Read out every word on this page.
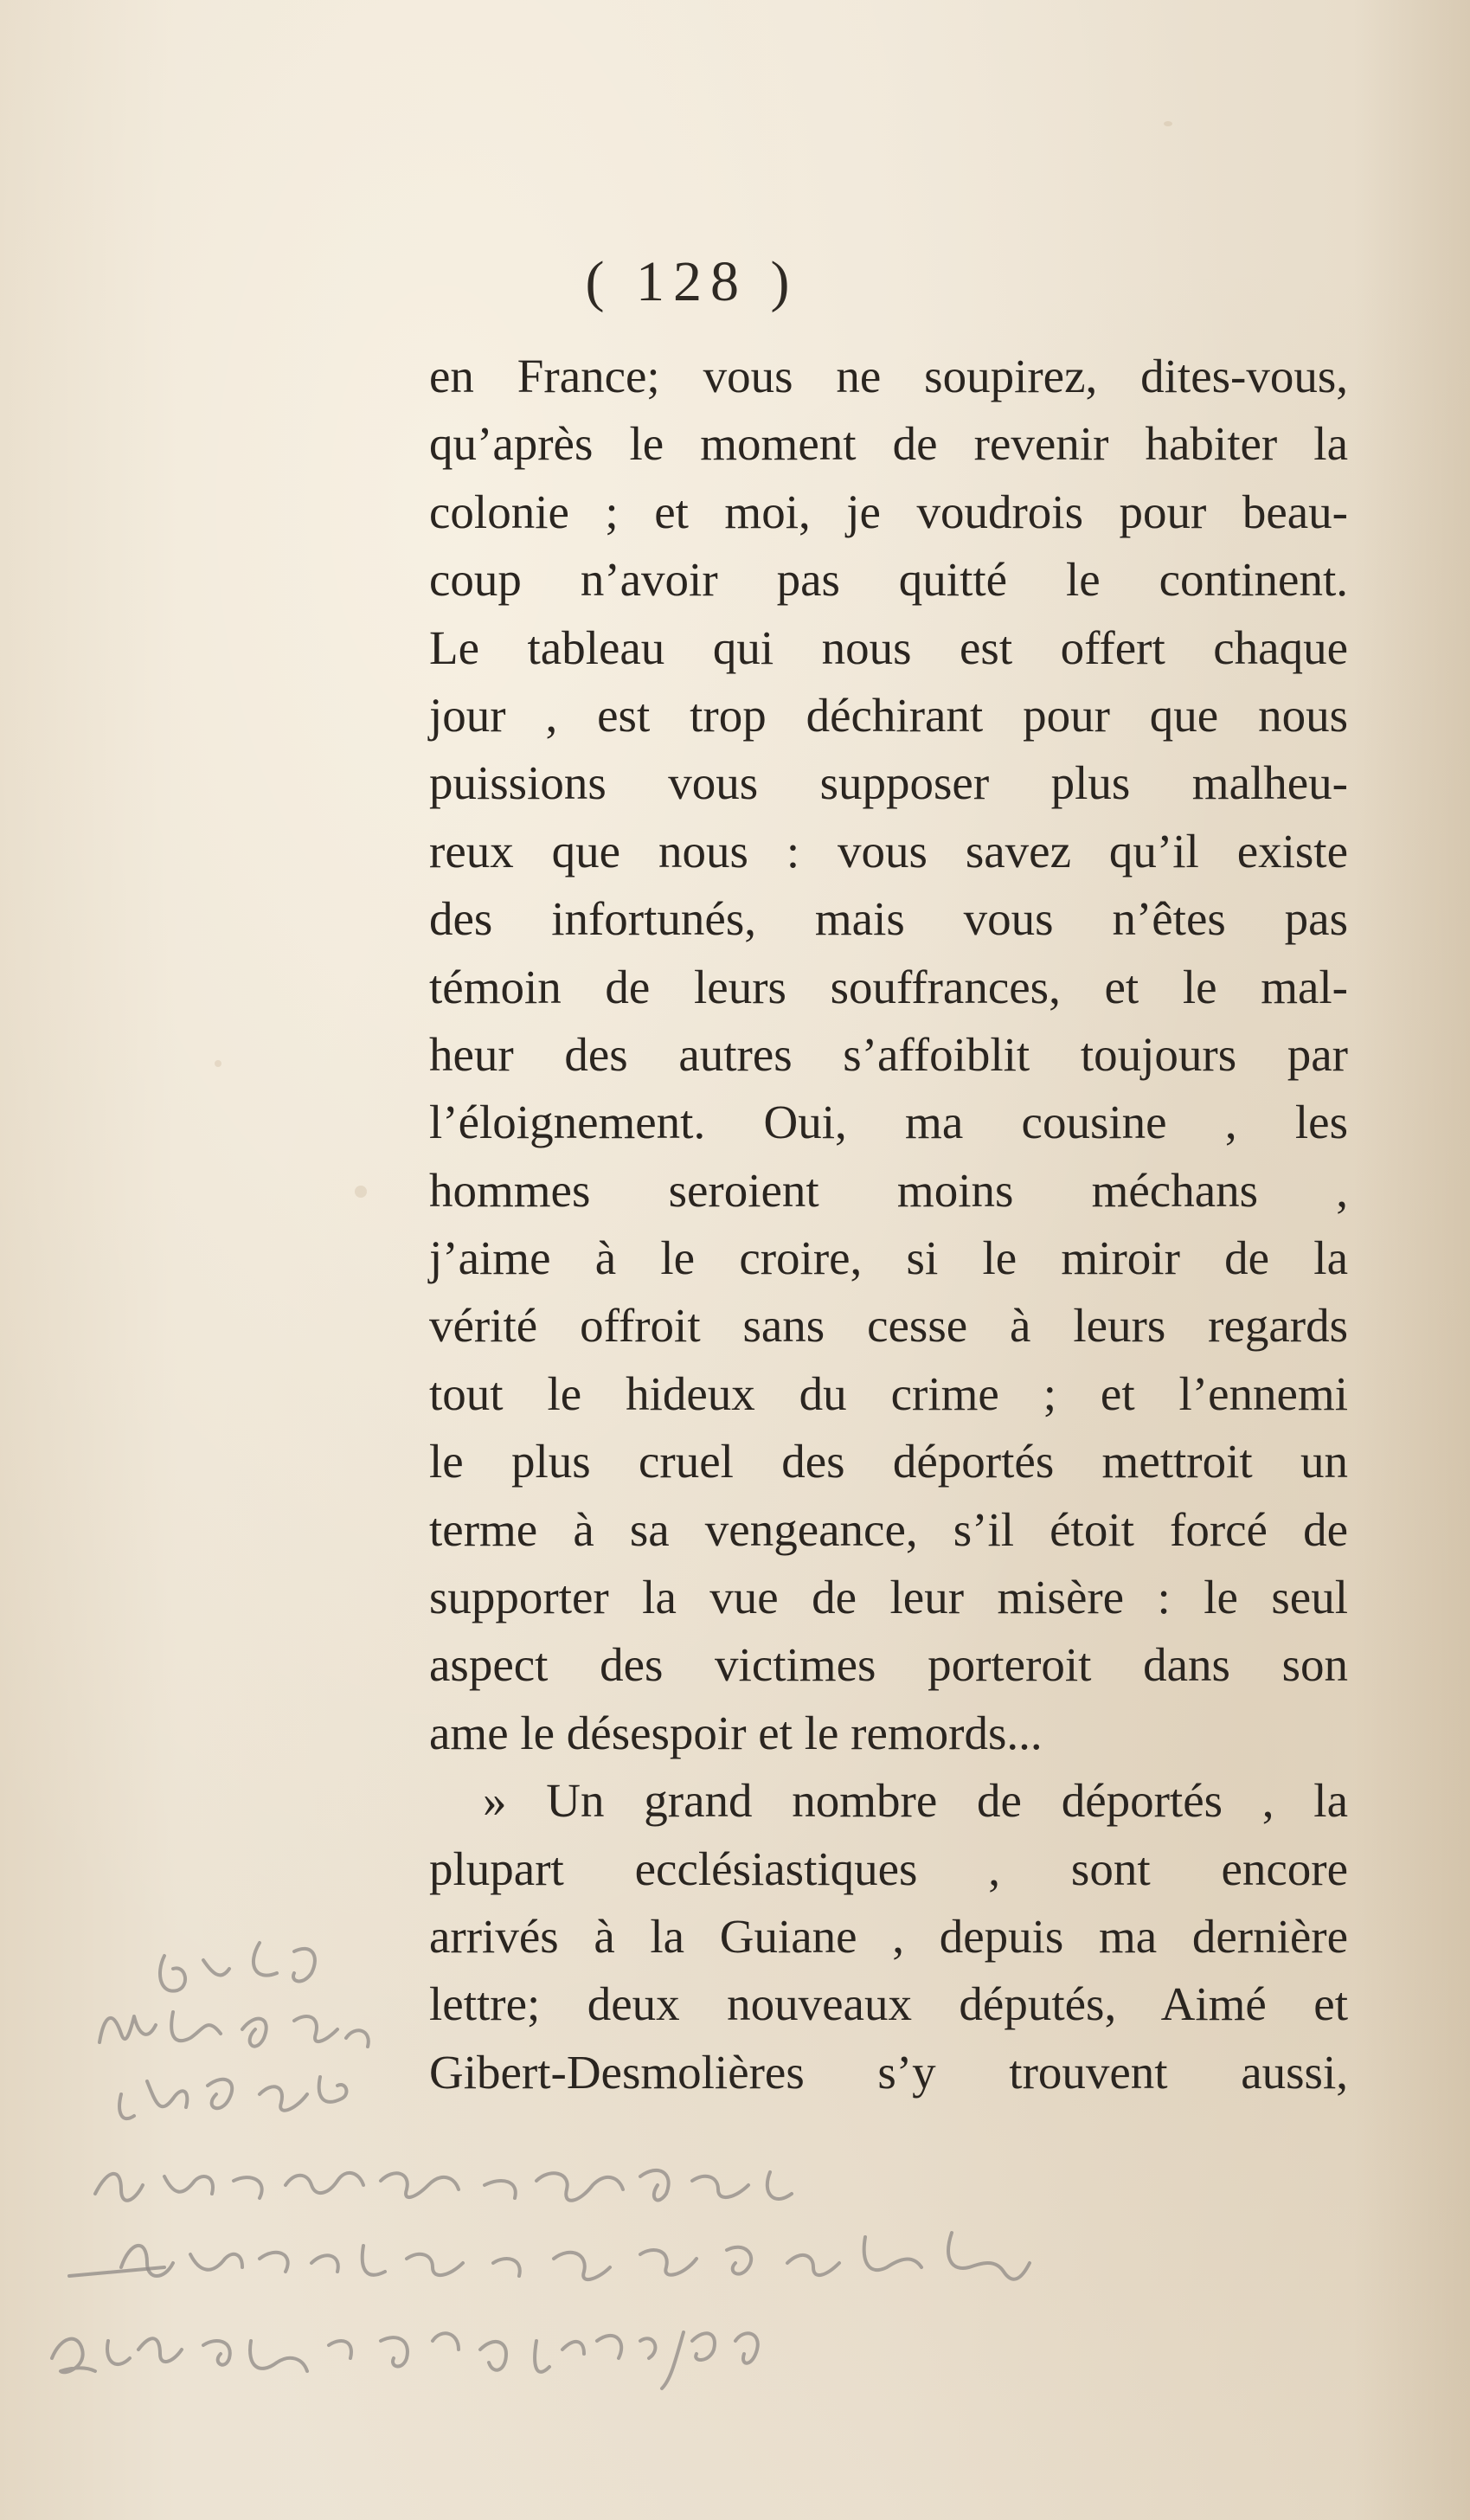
( 128 )
en France; vous ne soupirez, dites-vous,
qu’après le moment de revenir habiter la
colonie ; et moi, je voudrois pour beau-
coup n’avoir pas quitté le continent.
Le tableau qui nous est offert chaque
jour , est trop déchirant pour que nous
puissions vous supposer plus malheu-
reux que nous : vous savez qu’il existe
des infortunés, mais vous n’êtes pas
témoin de leurs souffrances, et le mal-
heur des autres s’affoiblit toujours par
l’éloignement. Oui, ma cousine , les
hommes seroient moins méchans ,
j’aime à le croire, si le miroir de la
vérité offroit sans cesse à leurs regards
tout le hideux du crime ; et l’ennemi
le plus cruel des déportés mettroit un
terme à sa vengeance, s’il étoit forcé de
supporter la vue de leur misère : le seul
aspect des victimes porteroit dans son
ame le désespoir et le remords...
» Un grand nombre de déportés , la
plupart ecclésiastiques , sont encore
arrivés à la Guiane , depuis ma dernière
lettre; deux nouveaux députés, Aimé et
Gibert-Desmolières s’y trouvent aussi,
